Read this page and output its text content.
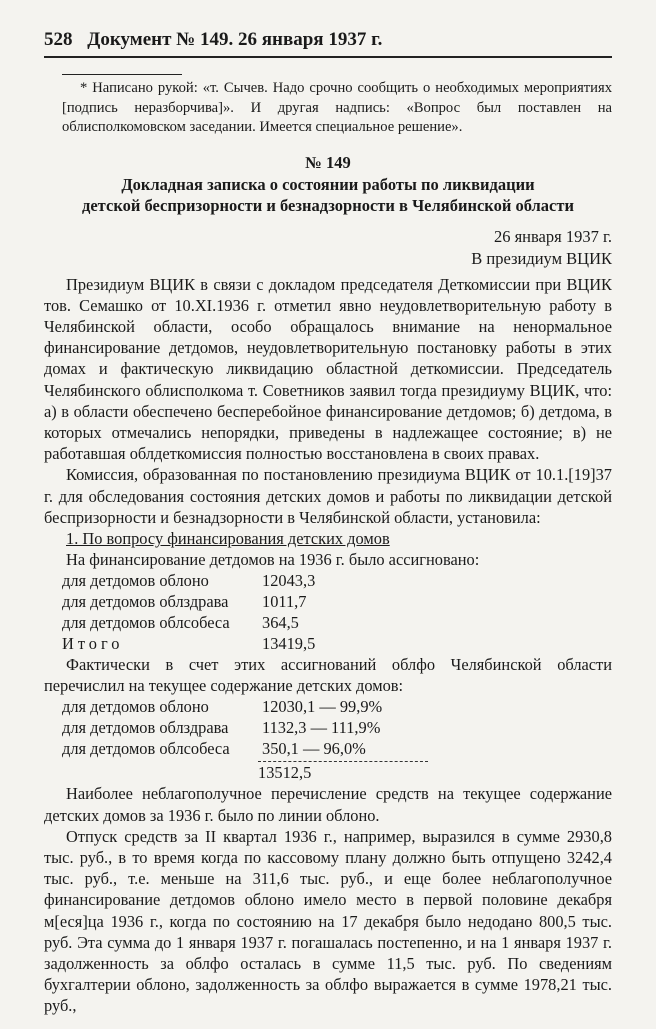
528 Документ № 149. 26 января 1937 г.

* Написано рукой: «т. Сычев. Надо срочно сообщить о необходимых мероприятиях [подпись неразборчива]». И другая надпись: «Вопрос был поставлен на облисполкомовском заседании. Имеется специальное решение».

№ 149
Докладная записка о состоянии работы по ликвидации
детской беспризорности и безнадзорности в Челябинской области
26 января 1937 г.
В президиум ВЦИК

Президиум ВЦИК в связи с докладом председателя Деткомиссии при ВЦИК тов. Семашко от 10.XI.1936 г. отметил явно неудовлетворительную работу в Челябинской области, особо обращалось внимание на ненормальное финансирование детдомов, неудовлетворительную постановку работы в этих домах и фактическую ликвидацию областной деткомиссии. Председатель Челябинского облисполкома т. Советников заявил тогда президиуму ВЦИК, что: а) в области обеспечено бесперебойное финансирование детдомов; б) детдома, в которых отмечались непорядки, приведены в надлежащее состояние; в) не работавшая облдеткомиссия полностью восстановлена в своих правах.

Комиссия, образованная по постановлению президиума ВЦИК от 10.1.[19]37 г. для обследования состояния детских домов и работы по ликвидации детской беспризорности и безнадзорности в Челябинской области, установила:

1. По вопросу финансирования детских домов
На финансирование детдомов на 1936 г. было ассигновано:
для детдомов облоно	12043,3
для детдомов облздрава	1011,7
для детдомов облсобеса	364,5
Итого	13419,5

Фактически в счет этих ассигнований облфо Челябинской области перечислил на текущее содержание детских домов:

для детдомов облоно	12030,1 — 99,9%
для детдомов облздрава	1132,3 — 111,9%
для детдомов облсобеса	350,1 — 96,0%
13512,5

Наиболее неблагополучное перечисление средств на текущее содержание детских домов за 1936 г. было по линии облоно.

Отпуск средств за II квартал 1936 г., например, выразился в сумме 2930,8 тыс. руб., в то время когда по кассовому плану должно быть отпущено 3242,4 тыс. руб., т.е. меньше на 311,6 тыс. руб., и еще более неблагополучное финансирование детдомов облоно имело место в первой половине декабря м[еся]ца 1936 г., когда по состоянию на 17 декабря было недодано 800,5 тыс. руб. Эта сумма до 1 января 1937 г. погашалась постепенно, и на 1 января 1937 г. задолженность за облфо осталась в сумме 11,5 тыс. руб. По сведениям бухгалтерии облоно, задолженность за облфо выражается в сумме 1978,21 тыс. руб.,
